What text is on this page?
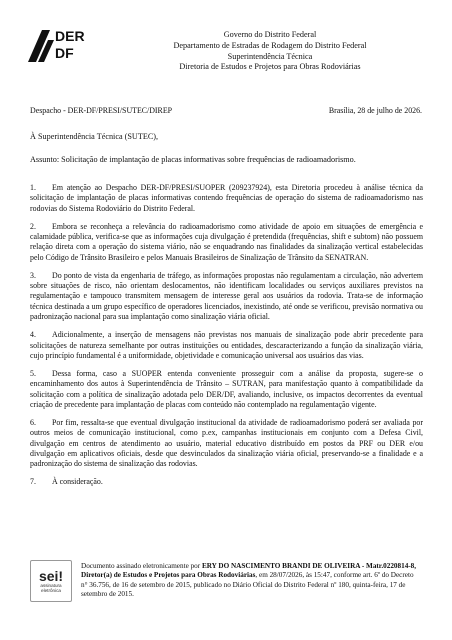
DER
DF
Governo do Distrito Federal
Departamento de Estradas de Rodagem do Distrito Federal
Superintendência Técnica
Diretoria de Estudos e Projetos para Obras Rodoviárias
Despacho - DER-DF/PRESI/SUTEC/DIREP	Brasília, 28 de julho de 2026.
À Superintendência Técnica (SUTEC),
Assunto: Solicitação de implantação de placas informativas sobre frequências de radioamadorismo.

1. Em atenção ao Despacho DER-DF/PRESI/SUOPER (209237924), esta Diretoria procedeu à análise técnica da solicitação de implantação de placas informativas contendo frequências de operação do sistema de radioamadorismo nas rodovias do Sistema Rodoviário do Distrito Federal.

2. Embora se reconheça a relevância do radioamadorismo como atividade de apoio em situações de emergência e calamidade pública, verifica-se que as informações cuja divulgação é pretendida (frequências, shift e subtom) não possuem relação direta com a operação do sistema viário, não se enquadrando nas finalidades da sinalização vertical estabelecidas pelo Código de Trânsito Brasileiro e pelos Manuais Brasileiros de Sinalização de Trânsito da SENATRAN.

3. Do ponto de vista da engenharia de tráfego, as informações propostas não regulamentam a circulação, não advertem sobre situações de risco, não orientam deslocamentos, não identificam localidades ou serviços auxiliares previstos na regulamentação e tampouco transmitem mensagem de interesse geral aos usuários da rodovia. Trata-se de informação técnica destinada a um grupo específico de operadores licenciados, inexistindo, até onde se verificou, previsão normativa ou padronização nacional para sua implantação como sinalização viária oficial.

4. Adicionalmente, a inserção de mensagens não previstas nos manuais de sinalização pode abrir precedente para solicitações de natureza semelhante por outras instituições ou entidades, descaracterizando a função da sinalização viária, cujo princípio fundamental é a uniformidade, objetividade e comunicação universal aos usuários das vias.

5. Dessa forma, caso a SUOPER entenda conveniente prosseguir com a análise da proposta, sugere-se o encaminhamento dos autos à Superintendência de Trânsito – SUTRAN, para manifestação quanto à compatibilidade da solicitação com a política de sinalização adotada pelo DER/DF, avaliando, inclusive, os impactos decorrentes da eventual criação de precedente para implantação de placas com conteúdo não contemplado na regulamentação vigente.

6. Por fim, ressalta-se que eventual divulgação institucional da atividade de radioamadorismo poderá ser avaliada por outros meios de comunicação institucional, como p.ex, campanhas institucionais em conjunto com a Defesa Civil, divulgação em centros de atendimento ao usuário, material educativo distribuído em postos da PRF ou DER e/ou divulgação em aplicativos oficiais, desde que desvinculados da sinalização viária oficial, preservando-se a finalidade e a padronização do sistema de sinalização das rodovias.

7. À consideração.

sei!
assinatura eletrônica
Documento assinado eletronicamente por ERY DO NASCIMENTO BRANDI DE OLIVEIRA - Matr.0220814-8, Diretor(a) de Estudos e Projetos para Obras Rodoviárias, em 28/07/2026, às 15:47, conforme art. 6º do Decreto n° 36.756, de 16 de setembro de 2015, publicado no Diário Oficial do Distrito Federal nº 180, quinta-feira, 17 de setembro de 2015.
